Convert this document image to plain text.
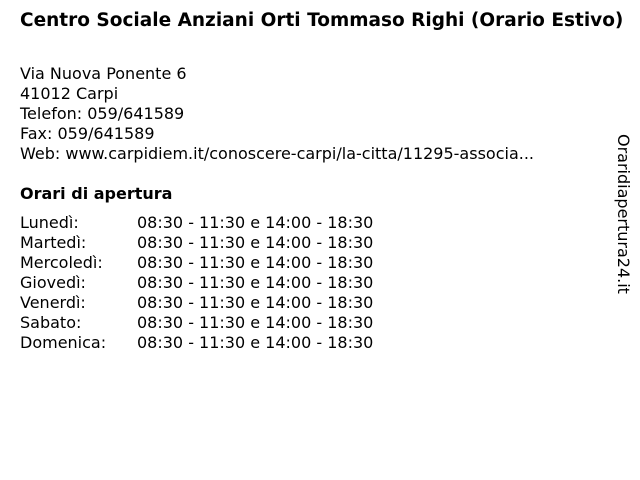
Centro Sociale Anziani Orti Tommaso Righi (Orario Estivo)
Via Nuova Ponente 6
41012 Carpi
Telefon: 059/641589
Fax: 059/641589
Web: www.carpidiem.it/conoscere-carpi/la-citta/11295-associa...
Orari di apertura
Lunedì:	08:30 - 11:30 e 14:00 - 18:30
Martedì:	08:30 - 11:30 e 14:00 - 18:30
Mercoledì:	08:30 - 11:30 e 14:00 - 18:30
Giovedì:	08:30 - 11:30 e 14:00 - 18:30
Venerdì:	08:30 - 11:30 e 14:00 - 18:30
Sabato:	08:30 - 11:30 e 14:00 - 18:30
Domenica:	08:30 - 11:30 e 14:00 - 18:30
Oraridiapertura24.it
